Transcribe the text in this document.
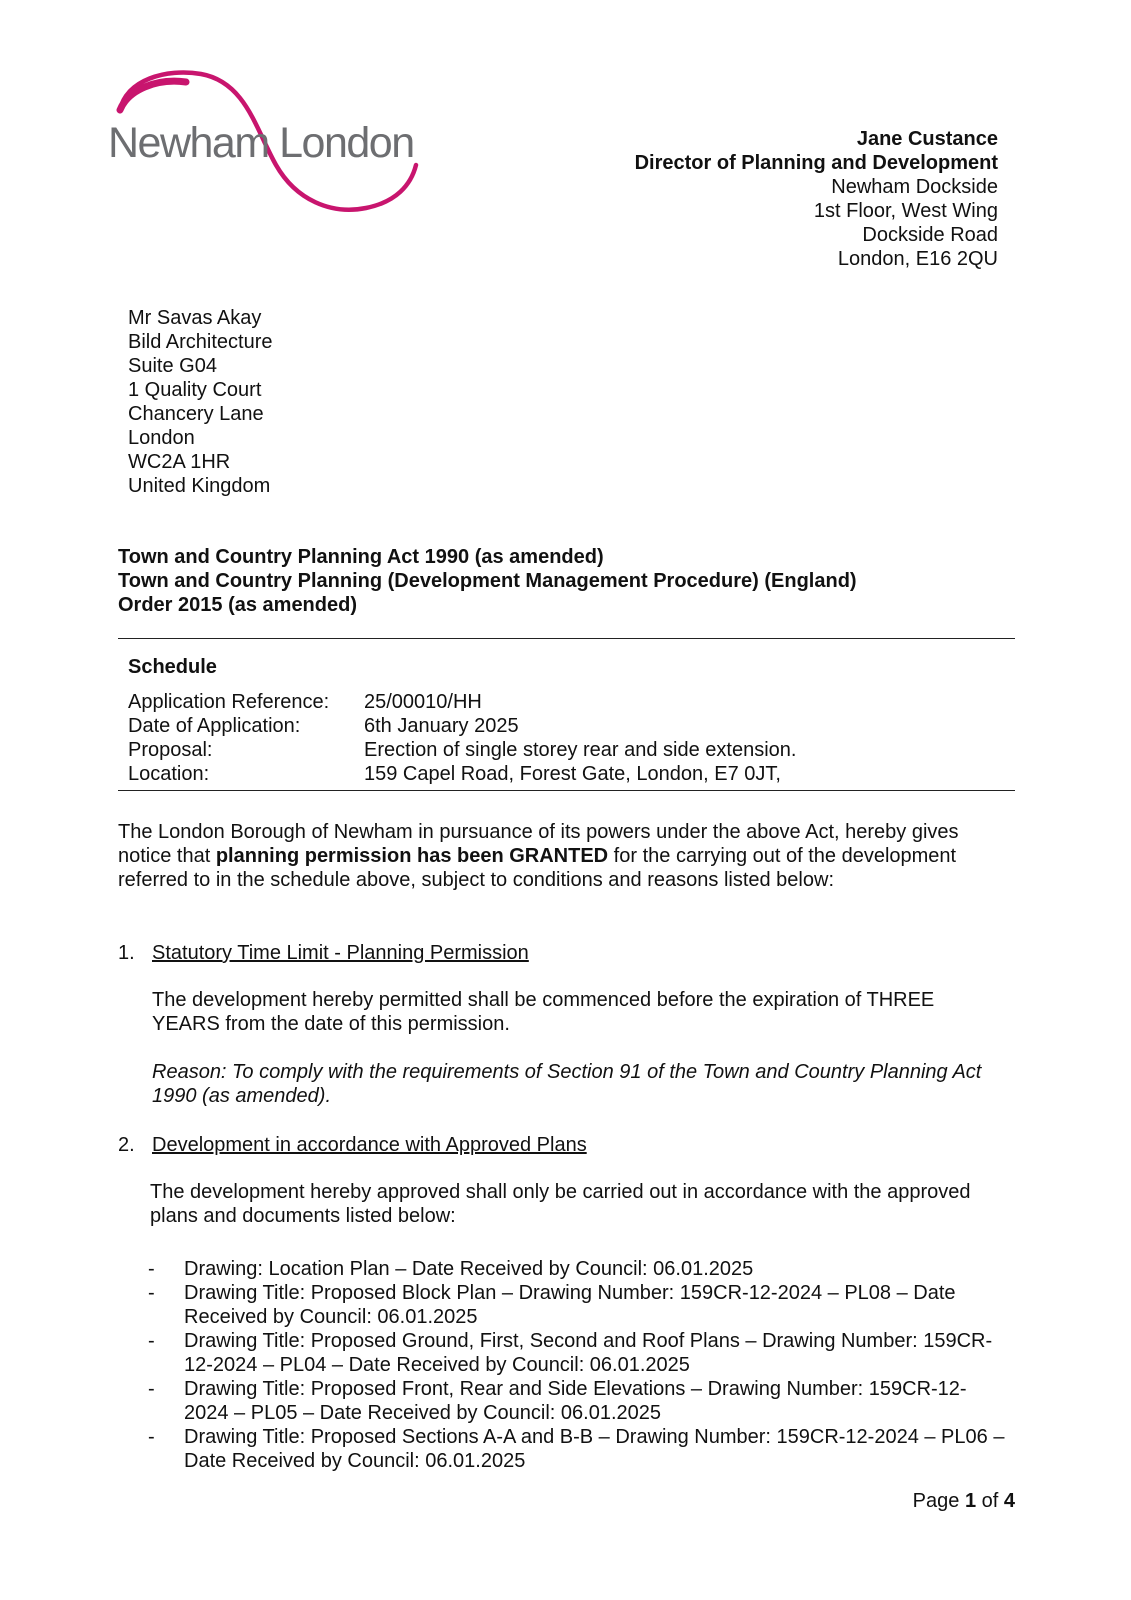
Newham London	Jane Custance
Director of Planning and Development
Newham Dockside
1st Floor, West Wing
Dockside Road
London, E16 2QU
Mr Savas Akay
Bild Architecture
Suite G04
1 Quality Court
Chancery Lane
London
WC2A 1HR
United Kingdom
Town and Country Planning Act 1990 (as amended)
Town and Country Planning (Development Management Procedure) (England)
Order 2015 (as amended)
Schedule
Application Reference:	25/00010/HH
Date of Application:	6th January 2025
Proposal:	Erection of single storey rear and side extension.
Location:	159 Capel Road, Forest Gate, London, E7 0JT,
The London Borough of Newham in pursuance of its powers under the above Act, hereby gives notice that planning permission has been GRANTED for the carrying out of the development referred to in the schedule above, subject to conditions and reasons listed below:
1. Statutory Time Limit - Planning Permission
The development hereby permitted shall be commenced before the expiration of THREE YEARS from the date of this permission.
Reason: To comply with the requirements of Section 91 of the Town and Country Planning Act 1990 (as amended).
2. Development in accordance with Approved Plans
The development hereby approved shall only be carried out in accordance with the approved plans and documents listed below:
-	Drawing: Location Plan – Date Received by Council: 06.01.2025
-	Drawing Title: Proposed Block Plan – Drawing Number: 159CR-12-2024 – PL08 – Date Received by Council: 06.01.2025
-	Drawing Title: Proposed Ground, First, Second and Roof Plans – Drawing Number: 159CR-12-2024 – PL04 – Date Received by Council: 06.01.2025
-	Drawing Title: Proposed Front, Rear and Side Elevations – Drawing Number: 159CR-12-2024 – PL05 – Date Received by Council: 06.01.2025
-	Drawing Title: Proposed Sections A-A and B-B – Drawing Number: 159CR-12-2024 – PL06 – Date Received by Council: 06.01.2025
Page 1 of 4
